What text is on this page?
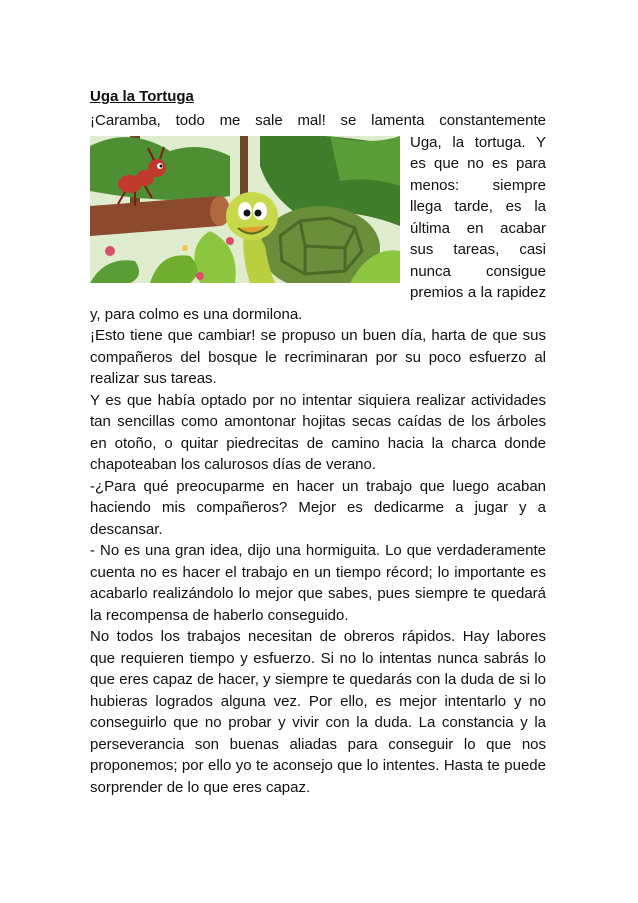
Uga la Tortuga

¡Caramba, todo me sale mal! se lamenta constantemente

Uga, la tortuga. Y es que no es para menos: siempre llega tarde, es la última en acabar sus tareas, casi nunca consigue premios a la rapidez y, para colmo es una dormilona.

¡Esto tiene que cambiar! se propuso un buen día, harta de que sus compañeros del bosque le recriminaran por su poco esfuerzo al realizar sus tareas.

Y es que había optado por no intentar siquiera realizar actividades tan sencillas como amontonar hojitas secas caídas de los árboles en otoño, o quitar piedrecitas de camino hacia la charca donde chapoteaban los calurosos días de verano.

-¿Para qué preocuparme en hacer un trabajo que luego acaban haciendo mis compañeros? Mejor es dedicarme a jugar y a descansar.

- No es una gran idea, dijo una hormiguita. Lo que verdaderamente cuenta no es hacer el trabajo en un tiempo récord; lo importante es acabarlo realizándolo lo mejor que sabes, pues siempre te quedará la recompensa de haberlo conseguido.

No todos los trabajos necesitan de obreros rápidos. Hay labores que requieren tiempo y esfuerzo. Si no lo intentas nunca sabrás lo que eres capaz de hacer, y siempre te quedarás con la duda de si lo hubieras logrados alguna vez. Por ello, es mejor intentarlo y no conseguirlo que no probar y vivir con la duda. La constancia y la perseverancia son buenas aliadas para conseguir lo que nos proponemos; por ello yo te aconsejo que lo intentes. Hasta te puede sorprender de lo que eres capaz.
